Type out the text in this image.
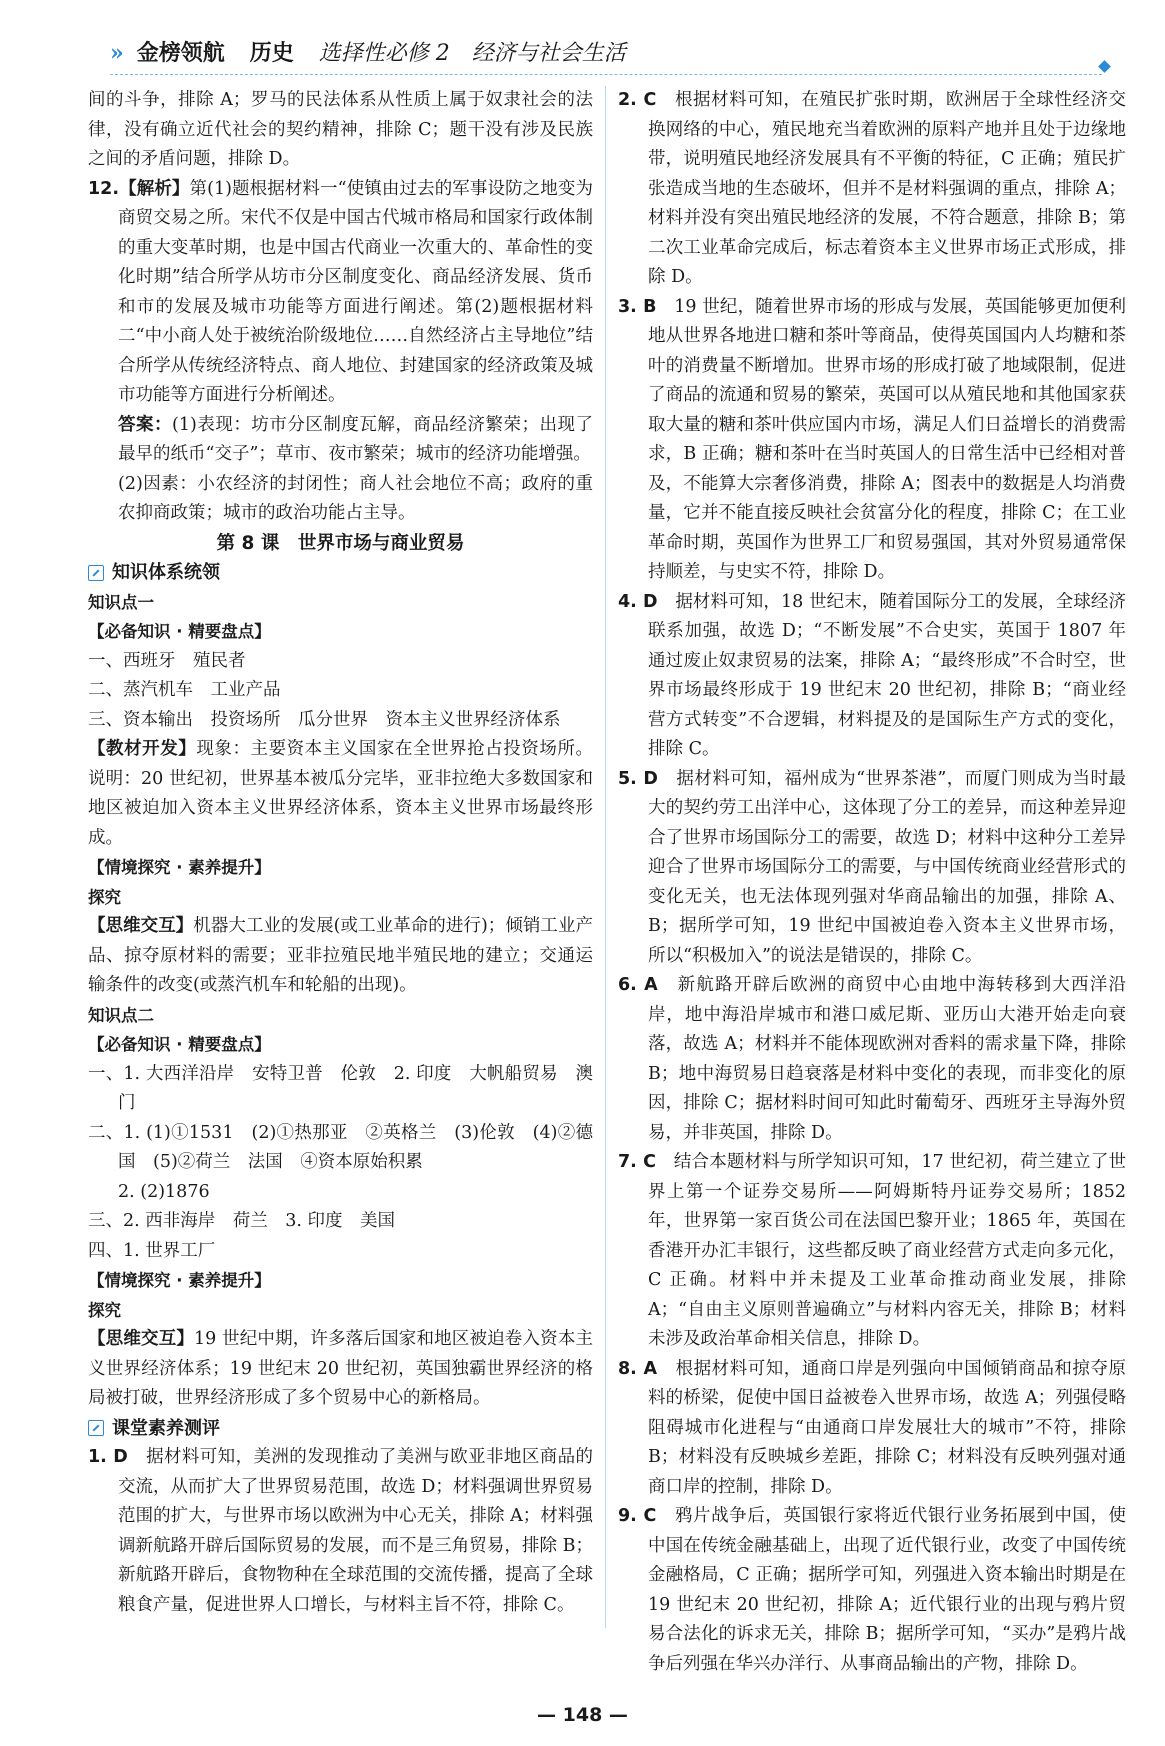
» 金榜领航 历史 选择性必修 2　经济与社会生活

间的斗争，排除 A；罗马的民法体系从性质上属于奴隶社会的法律，没有确立近代社会的契约精神，排除 C；题干没有涉及民族之间的矛盾问题，排除 D。

12.【解析】第(1)题根据材料一“使镇由过去的军事设防之地变为商贸交易之所。宋代不仅是中国古代城市格局和国家行政体制的重大变革时期，也是中国古代商业一次重大的、革命性的变化时期”结合所学从坊市分区制度变化、商品经济发展、货币和市的发展及城市功能等方面进行阐述。第(2)题根据材料二“中小商人处于被统治阶级地位……自然经济占主导地位”结合所学从传统经济特点、商人地位、封建国家的经济政策及城市功能等方面进行分析阐述。

答案：(1)表现：坊市分区制度瓦解，商品经济繁荣；出现了最早的纸币“交子”；草市、夜市繁荣；城市的经济功能增强。

(2)因素：小农经济的封闭性；商人社会地位不高；政府的重农抑商政策；城市的政治功能占主导。

第 8 课　世界市场与商业贸易

知识体系统领

知识点一

【必备知识 · 精要盘点】

一、西班牙　殖民者

二、蒸汽机车　工业产品

三、资本输出　投资场所　瓜分世界　资本主义世界经济体系

【教材开发】现象：主要资本主义国家在全世界抢占投资场所。说明：20 世纪初，世界基本被瓜分完毕，亚非拉绝大多数国家和地区被迫加入资本主义世界经济体系，资本主义世界市场最终形成。

【情境探究 · 素养提升】

探究

【思维交互】机器大工业的发展(或工业革命的进行)；倾销工业产品、掠夺原材料的需要；亚非拉殖民地半殖民地的建立；交通运输条件的改变(或蒸汽机车和轮船的出现)。

知识点二

【必备知识 · 精要盘点】

一、1. 大西洋沿岸　安特卫普　伦敦　2. 印度　大帆船贸易　澳门

二、1. (1)①1531　(2)①热那亚　②英格兰　(3)伦敦　(4)②德国　(5)②荷兰　法国　④资本原始积累

2. (2)1876

三、2. 西非海岸　荷兰　3. 印度　美国

四、1. 世界工厂

【情境探究 · 素养提升】

探究

【思维交互】19 世纪中期，许多落后国家和地区被迫卷入资本主义世界经济体系；19 世纪末 20 世纪初，英国独霸世界经济的格局被打破，世界经济形成了多个贸易中心的新格局。

课堂素养测评

1. D　 据材料可知，美洲的发现推动了美洲与欧亚非地区商品的交流，从而扩大了世界贸易范围，故选 D；材料强调世界贸易范围的扩大，与世界市场以欧洲为中心无关，排除 A；材料强调新航路开辟后国际贸易的发展，而不是三角贸易，排除 B；新航路开辟后，食物物种在全球范围的交流传播，提高了全球粮食产量，促进世界人口增长，与材料主旨不符，排除 C。

2. C　 根据材料可知，在殖民扩张时期，欧洲居于全球性经济交换网络的中心，殖民地充当着欧洲的原料产地并且处于边缘地带，说明殖民地经济发展具有不平衡的特征，C 正确；殖民扩张造成当地的生态破坏，但并不是材料强调的重点，排除 A；材料并没有突出殖民地经济的发展，不符合题意，排除 B；第二次工业革命完成后，标志着资本主义世界市场正式形成，排除 D。

3. B　 19 世纪，随着世界市场的形成与发展，英国能够更加便利地从世界各地进口糖和茶叶等商品，使得英国国内人均糖和茶叶的消费量不断增加。世界市场的形成打破了地域限制，促进了商品的流通和贸易的繁荣，英国可以从殖民地和其他国家获取大量的糖和茶叶供应国内市场，满足人们日益增长的消费需求，B 正确；糖和茶叶在当时英国人的日常生活中已经相对普及，不能算大宗奢侈消费，排除 A；图表中的数据是人均消费量，它并不能直接反映社会贫富分化的程度，排除 C；在工业革命时期，英国作为世界工厂和贸易强国，其对外贸易通常保持顺差，与史实不符，排除 D。

4. D　 据材料可知，18 世纪末，随着国际分工的发展，全球经济联系加强，故选 D；“不断发展”不合史实，英国于 1807 年通过废止奴隶贸易的法案，排除 A；“最终形成”不合时空，世界市场最终形成于 19 世纪末 20 世纪初，排除 B；“商业经营方式转变”不合逻辑，材料提及的是国际生产方式的变化，排除 C。

5. D　 据材料可知，福州成为“世界茶港”，而厦门则成为当时最大的契约劳工出洋中心，这体现了分工的差异，而这种差异迎合了世界市场国际分工的需要，故选 D；材料中这种分工差异迎合了世界市场国际分工的需要，与中国传统商业经营形式的变化无关，也无法体现列强对华商品输出的加强，排除 A、B；据所学可知，19 世纪中国被迫卷入资本主义世界市场，所以“积极加入”的说法是错误的，排除 C。

6. A　 新航路开辟后欧洲的商贸中心由地中海转移到大西洋沿岸，地中海沿岸城市和港口威尼斯、亚历山大港开始走向衰落，故选 A；材料并不能体现欧洲对香料的需求量下降，排除 B；地中海贸易日趋衰落是材料中变化的表现，而非变化的原因，排除 C；据材料时间可知此时葡萄牙、西班牙主导海外贸易，并非英国，排除 D。

7. C　 结合本题材料与所学知识可知，17 世纪初，荷兰建立了世界上第一个证券交易所——阿姆斯特丹证券交易所；1852 年，世界第一家百货公司在法国巴黎开业；1865 年，英国在香港开办汇丰银行，这些都反映了商业经营方式走向多元化，C 正确。材料中并未提及工业革命推动商业发展，排除 A；“自由主义原则普遍确立”与材料内容无关，排除 B；材料未涉及政治革命相关信息，排除 D。

8. A　 根据材料可知，通商口岸是列强向中国倾销商品和掠夺原料的桥梁，促使中国日益被卷入世界市场，故选 A；列强侵略阻碍城市化进程与“由通商口岸发展壮大的城市”不符，排除 B；材料没有反映城乡差距，排除 C；材料没有反映列强对通商口岸的控制，排除 D。

9. C　 鸦片战争后，英国银行家将近代银行业务拓展到中国，使中国在传统金融基础上，出现了近代银行业，改变了中国传统金融格局，C 正确；据所学可知，列强进入资本输出时期是在 19 世纪末 20 世纪初，排除 A；近代银行业的出现与鸦片贸易合法化的诉求无关，排除 B；据所学可知，“买办”是鸦片战争后列强在华兴办洋行、从事商品输出的产物，排除 D。

— 148 —
